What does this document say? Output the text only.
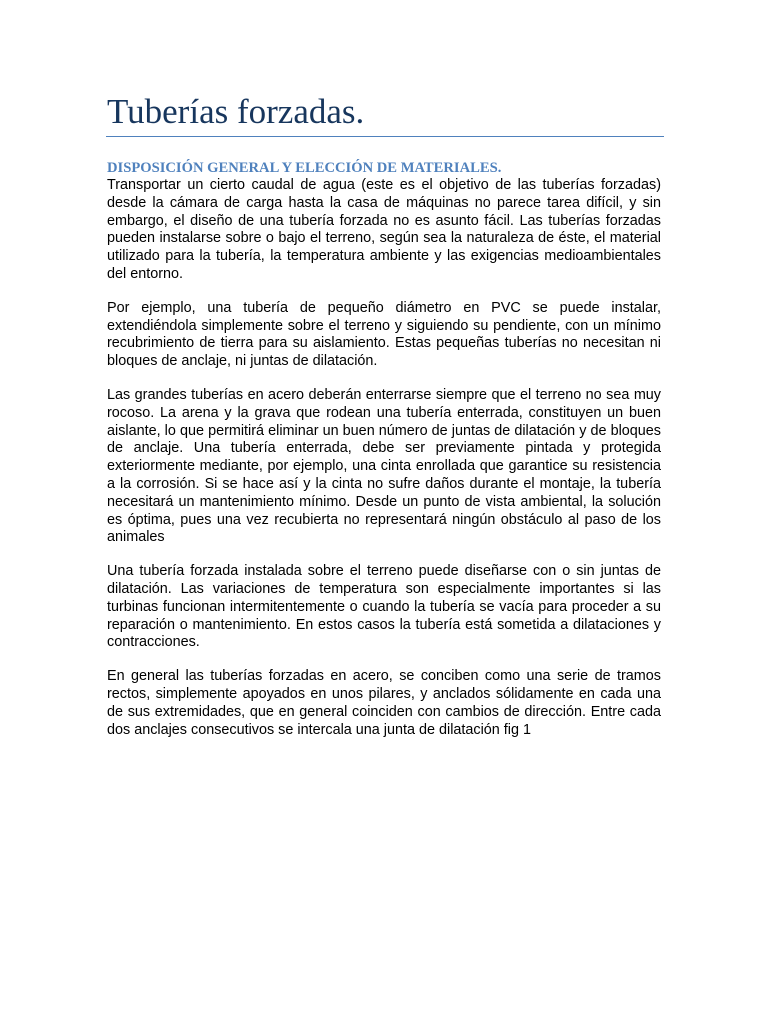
Tuberías forzadas.
DISPOSICIÓN GENERAL Y ELECCIÓN DE MATERIALES.

Transportar un cierto caudal de agua (este es el objetivo de las tuberías forzadas) desde la cámara de carga hasta la casa de máquinas no parece tarea difícil, y sin embargo, el diseño de una tubería forzada no es asunto fácil. Las tuberías forzadas pueden instalarse sobre o bajo el terreno, según sea la naturaleza de éste, el material utilizado para la tubería, la temperatura ambiente y las exigencias medioambientales del entorno.

Por ejemplo, una tubería de pequeño diámetro en PVC se puede instalar, extendiéndola simplemente sobre el terreno y siguiendo su pendiente, con un mínimo recubrimiento de tierra para su aislamiento. Estas pequeñas tuberías no necesitan ni bloques de anclaje, ni juntas de dilatación.

Las grandes tuberías en acero deberán enterrarse siempre que el terreno no sea muy rocoso. La arena y la grava que rodean una tubería enterrada, constituyen un buen aislante, lo que permitirá eliminar un buen número de juntas de dilatación y de bloques de anclaje. Una tubería enterrada, debe ser previamente pintada y protegida exteriormente mediante, por ejemplo, una cinta enrollada que garantice su resistencia a la corrosión. Si se hace así y la cinta no sufre daños durante el montaje, la tubería necesitará un mantenimiento mínimo. Desde un punto de vista ambiental, la solución es óptima, pues una vez recubierta no representará ningún obstáculo al paso de los animales

Una tubería forzada instalada sobre el terreno puede diseñarse con o sin juntas de dilatación. Las variaciones de temperatura son especialmente importantes si las turbinas funcionan intermitentemente o cuando la tubería se vacía para proceder a su reparación o mantenimiento. En estos casos la tubería está sometida a dilataciones y contracciones.

En general las tuberías forzadas en acero, se conciben como una serie de tramos rectos, simplemente apoyados en unos pilares, y anclados sólidamente en cada una de sus extremidades, que en general coinciden con cambios de dirección. Entre cada dos anclajes consecutivos se intercala una junta de dilatación fig 1
